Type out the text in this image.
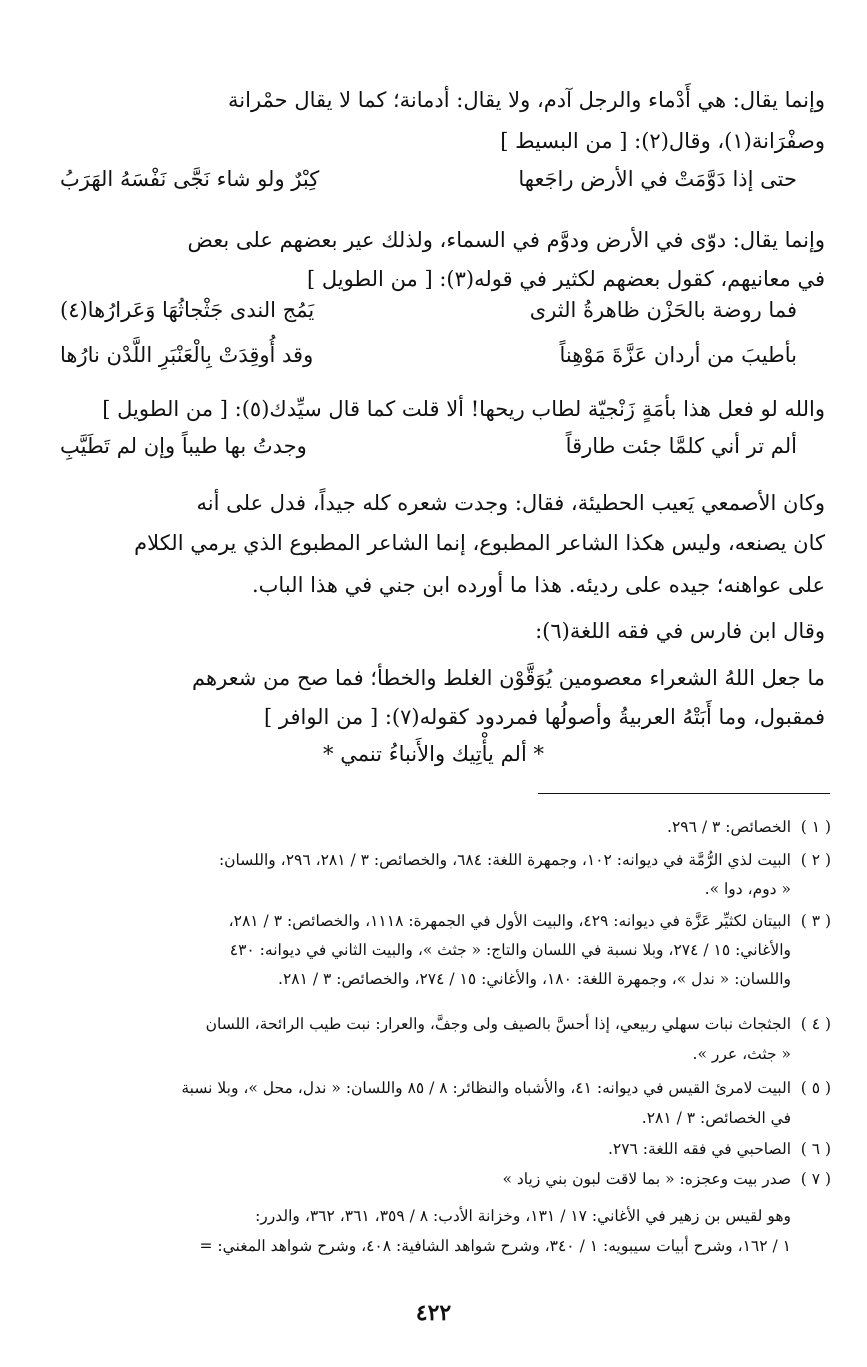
وإنما يقال: هي أَدْماء والرجل آدم، ولا يقال: أدمانة؛ كما لا يقال حمْرانة
وصفْرَانة(١)، وقال(٢): [ من البسيط ]
حتى إذا دَوَّمَتْ في الأرض راجَعها
كِبْرٌ ولو شاء نَجَّى نَفْسَهُ الهَرَبُ
وإنما يقال: دوّى في الأرض ودوَّم في السماء، ولذلك عير بعضهم على بعض
في معانيهم، كقول بعضهم لكثير في قوله(٣): [ من الطويل ]
فما روضة بالحَزْن ظاهرةُ الثرى
يَمُج الندى جَثْجاثُهَا وَعَرارُها(٤)
بأطيبَ من أردان عَزَّةَ مَوْهِناً
وقد أُوقِدَتْ بِالْعَنْبَرِ اللَّدْن نارُها
والله لو فعل هذا بأمَةٍ زَنْجيّة لطاب ريحها! ألا قلت كما قال سيِّدك(٥): [ من الطويل ]
ألم تر أني كلمَّا جئت طارقاً
وجدتُ بها طيباً وإن لم تَطَيَّبِ
وكان الأصمعي يَعيب الحطيئة، فقال: وجدت شعره كله جيداً، فدل على أنه
كان يصنعه، وليس هكذا الشاعر المطبوع، إنما الشاعر المطبوع الذي يرمي الكلام
على عواهنه؛ جيده على رديئه. هذا ما أورده ابن جني في هذا الباب.
وقال ابن فارس في فقه اللغة(٦):
ما جعل اللهُ الشعراء معصومين يُوَقَّوْن الغلط والخطأ؛ فما صح من شعرهم
فمقبول، وما أَبَتْهُ العربيةُ وأصولُها فمردود كقوله(٧): [ من الوافر ]
* ألم يأْتِيك والأَنباءُ تنمي *
( ١ )الخصائص: ٣ / ٢٩٦.
( ٢ )البيت لذي الرُّمَّة في ديوانه: ١٠٢، وجمهرة اللغة: ٦٨٤، والخصائص: ٣ / ٢٨١، ٢٩٦، واللسان:
« دوم، دوا ».
( ٣ )البيتان لكثيِّر عَزَّة في ديوانه: ٤٢٩، والبيت الأول في الجمهرة: ١١١٨، والخصائص: ٣ / ٢٨١،
والأغاني: ١٥ / ٢٧٤، وبلا نسبة في اللسان والتاج: « جثث »، والبيت الثاني في ديوانه: ٤٣٠
واللسان: « ندل »، وجمهرة اللغة: ١٨٠، والأغاني: ١٥ / ٢٧٤، والخصائص: ٣ / ٢٨١.
( ٤ )الجثجاث نبات سهلي ربيعي، إذا أحسَّ بالصيف ولى وجفَّ، والعرار: نبت طيب الرائحة، اللسان
« جثث، عرر ».
( ٥ )البيت لامرئ القيس في ديوانه: ٤١، والأشباه والنظائر: ٨ / ٨٥ واللسان: « ندل، محل »، وبلا نسبة
في الخصائص: ٣ / ٢٨١.
( ٦ )الصاحبي في فقه اللغة: ٢٧٦.
( ٧ )صدر بيت وعجزه: « بما لاقت لبون بني زياد »
وهو لقيس بن زهير في الأغاني: ١٧ / ١٣١، وخزانة الأدب: ٨ / ٣٥٩، ٣٦١، ٣٦٢، والدرر:
١ / ١٦٢، وشرح أبيات سيبويه: ١ / ٣٤٠، وشرح شواهد الشافية: ٤٠٨، وشرح شواهد المغني: =
٤٢٢
